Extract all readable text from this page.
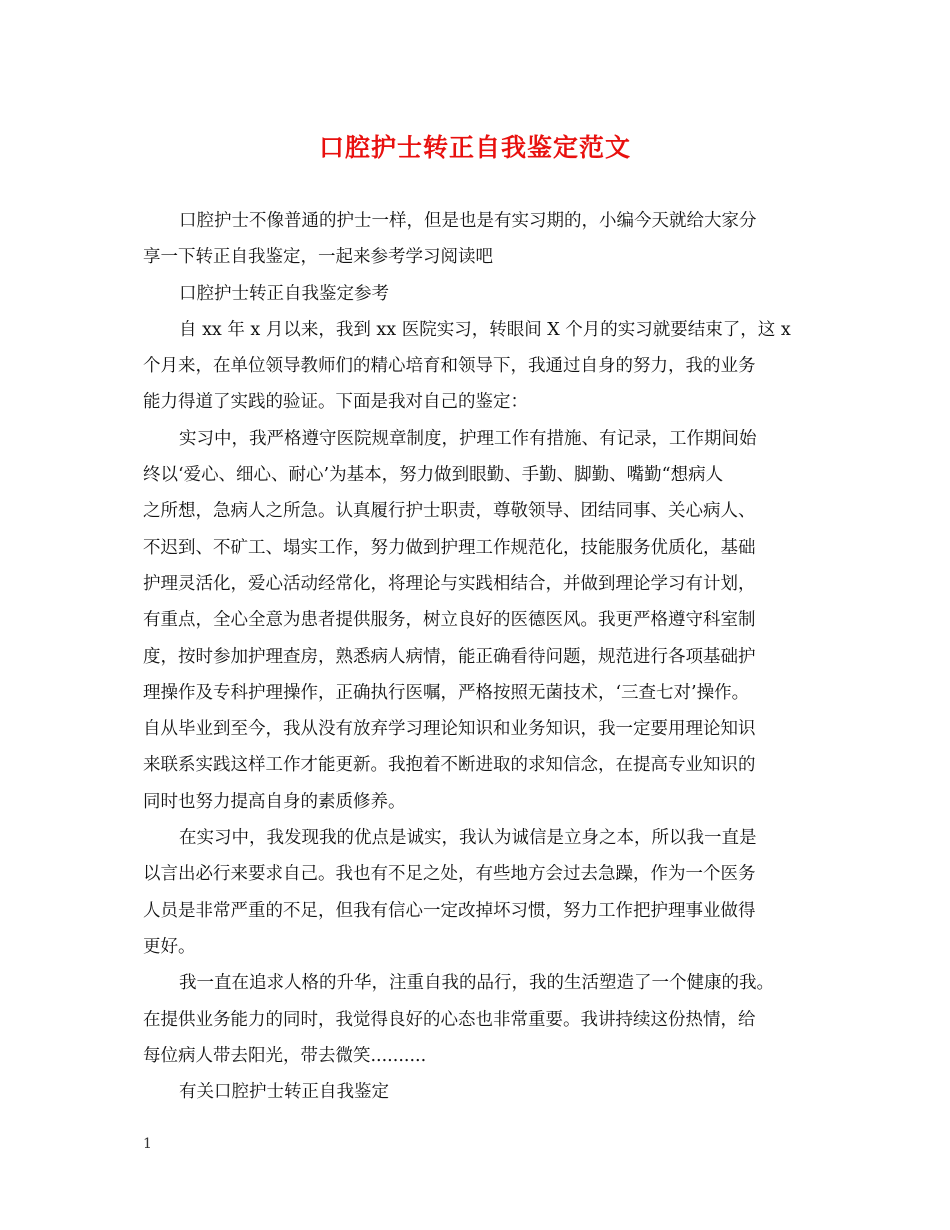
口腔护士转正自我鉴定范文
口腔护士不像普通的护士一样，但是也是有实习期的，小编今天就给大家分
享一下转正自我鉴定，一起来参考学习阅读吧
口腔护士转正自我鉴定参考
自 xx 年 x 月以来，我到 xx 医院实习，转眼间 X 个月的实习就要结束了，这 x
个月来，在单位领导教师们的精心培育和领导下，我通过自身的努力，我的业务
能力得道了实践的验证。下面是我对自己的鉴定：
实习中，我严格遵守医院规章制度，护理工作有措施、有记录，工作期间始
终以‘爱心、细心、耐心’为基本，努力做到眼勤、手勤、脚勤、嘴勤“想病人
之所想，急病人之所急。认真履行护士职责，尊敬领导、团结同事、关心病人、
不迟到、不矿工、塌实工作，努力做到护理工作规范化，技能服务优质化，基础
护理灵活化，爱心活动经常化，将理论与实践相结合，并做到理论学习有计划，
有重点，全心全意为患者提供服务，树立良好的医德医风。我更严格遵守科室制
度，按时参加护理查房，熟悉病人病情，能正确看待问题，规范进行各项基础护
理操作及专科护理操作，正确执行医嘱，严格按照无菌技术，‘三查七对’操作。
自从毕业到至今，我从没有放弃学习理论知识和业务知识，我一定要用理论知识
来联系实践这样工作才能更新。我抱着不断进取的求知信念，在提高专业知识的
同时也努力提高自身的素质修养。
在实习中，我发现我的优点是诚实，我认为诚信是立身之本，所以我一直是
以言出必行来要求自己。我也有不足之处，有些地方会过去急躁，作为一个医务
人员是非常严重的不足，但我有信心一定改掉坏习惯，努力工作把护理事业做得
更好。
我一直在追求人格的升华，注重自我的品行，我的生活塑造了一个健康的我。
在提供业务能力的同时，我觉得良好的心态也非常重要。我讲持续这份热情，给
每位病人带去阳光，带去微笑..........
有关口腔护士转正自我鉴定
1
